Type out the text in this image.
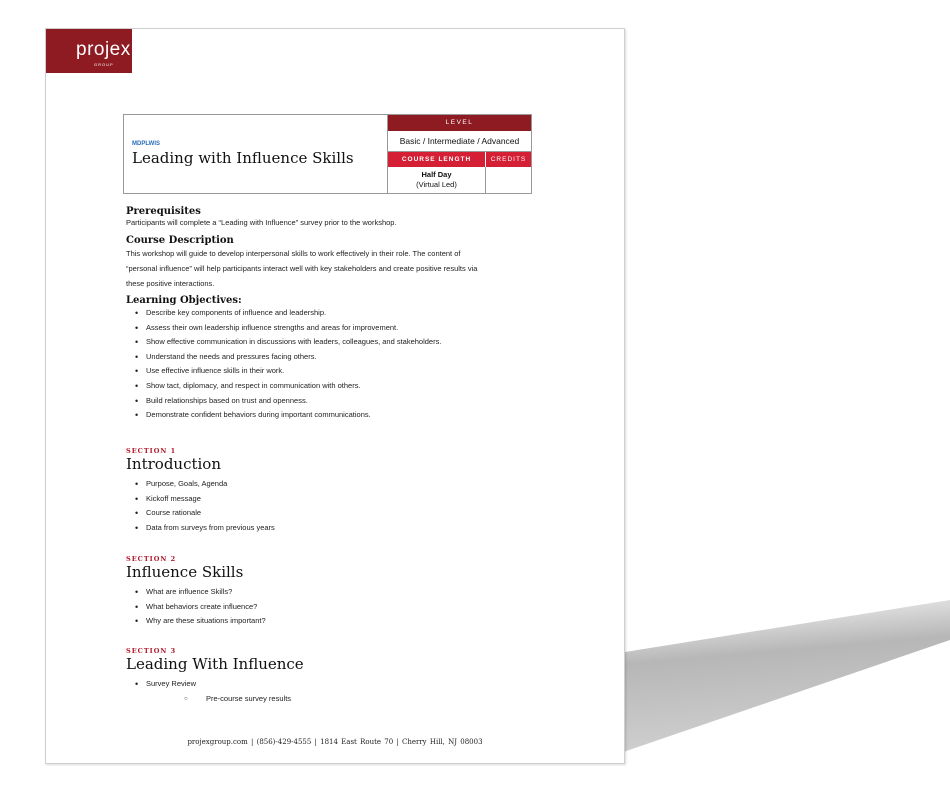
projex
GROUP
MDPLWIS
Leading with Influence Skills
LEVEL
Basic / Intermediate / Advanced
COURSE LENGTH	CREDITS
Half Day
(Virtual Led)
Prerequisites

Participants will complete a “Leading with Influence” survey prior to the workshop.

Course Description

This workshop will guide to develop interpersonal skills to work effectively in their role. The content of

“personal influence” will help participants interact well with key stakeholders and create positive results via

these positive interactions.

Learning Objectives:
• Describe key components of influence and leadership.
• Assess their own leadership influence strengths and areas for improvement.
• Show effective communication in discussions with leaders, colleagues, and stakeholders.
• Understand the needs and pressures facing others.
• Use effective influence skills in their work.
• Show tact, diplomacy, and respect in communication with others.
• Build relationships based on trust and openness.
• Demonstrate confident behaviors during important communications.
SECTION 1
Introduction
• Purpose, Goals, Agenda
• Kickoff message
• Course rationale
• Data from surveys from previous years
SECTION 2
Influence Skills
• What are influence Skills?
• What behaviors create influence?
• Why are these situations important?
SECTION 3
Leading With Influence
• Survey Review
○ Pre-course survey results
projexgroup.com | (856)-429-4555 | 1814 East Route 70 | Cherry Hill, NJ 08003
